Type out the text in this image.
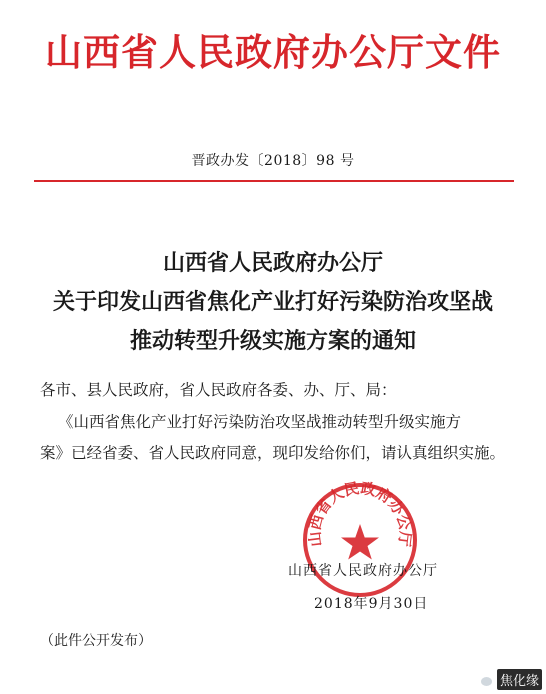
山西省人民政府办公厅文件
晋政办发〔2018〕98 号
山西省人民政府办公厅
关于印发山西省焦化产业打好污染防治攻坚战
推动转型升级实施方案的通知
各市、县人民政府，省人民政府各委、办、厅、局：
《山西省焦化产业打好污染防治攻坚战推动转型升级实施方
案》已经省委、省人民政府同意，现印发给你们，请认真组织实施。
山西省人民政府办公厅
山西省人民政府办公厅
2018年9月30日
（此件公开发布）
焦化缘
